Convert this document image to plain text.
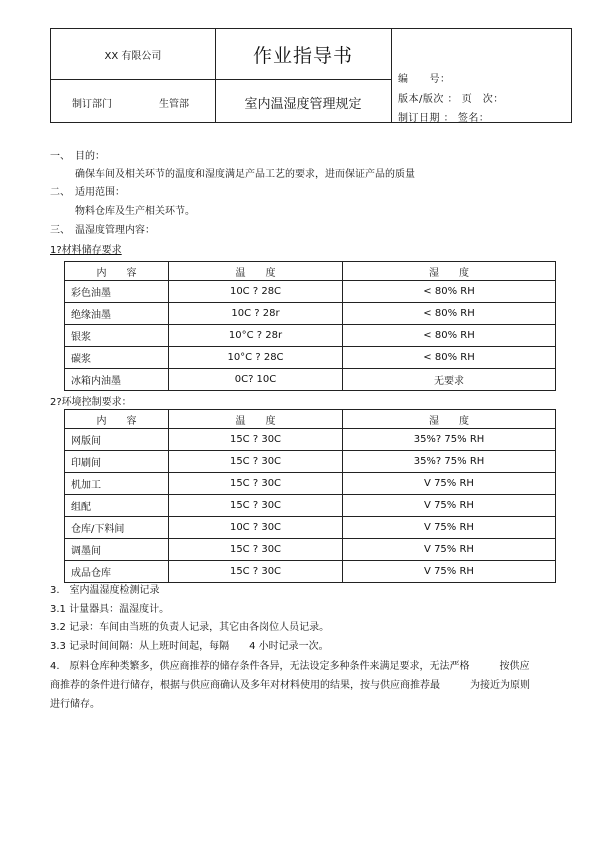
XX 有限公司	作业指导书
制订部门	生管部	室内温湿度管理规定
编　　号：
版本/版次 ： 页　次：
制订日期 ： 签名：
一、　目的：
确保车间及相关环节的温度和湿度满足产品工艺的要求，进而保证产品的质量
二、　适用范围：
物料仓库及生产相关环节。
三、　温湿度管理内容：
1?材料储存要求
内　　容	温　　度	湿　　度
彩色油墨	10C ? 28C	< 80% RH
绝缘油墨	10C ? 28r	< 80% RH
银浆	10°C ? 28r	< 80% RH
碳浆	10°C ? 28C	< 80% RH
冰箱内油墨	0C? 10C	无要求
2?环境控制要求：
内　　容	温　　度	湿　　度
网版间	15C ? 30C	35%? 75% RH
印刷间	15C ? 30C	35%? 75% RH
机加工	15C ? 30C	V 75% RH
组配	15C ? 30C	V 75% RH
仓库/下料间	10C ? 30C	V 75% RH
调墨间	15C ? 30C	V 75% RH
成品仓库	15C ? 30C	V 75% RH
3.　室内温湿度检测记录
3.1 计量器具：温湿度计。
3.2 记录：车间由当班的负责人记录，其它由各岗位人员记录。
3.3 记录时间间隔：从上班时间起，每隔　　4 小时记录一次。
4.　原料仓库种类繁多，供应商推荐的储存条件各异，无法设定多种条件来满足要求，无法严格　　　按供应
商推荐的条件进行储存，根据与供应商确认及多年对材料使用的结果，按与供应商推荐最　　　为接近为原则
进行储存。
